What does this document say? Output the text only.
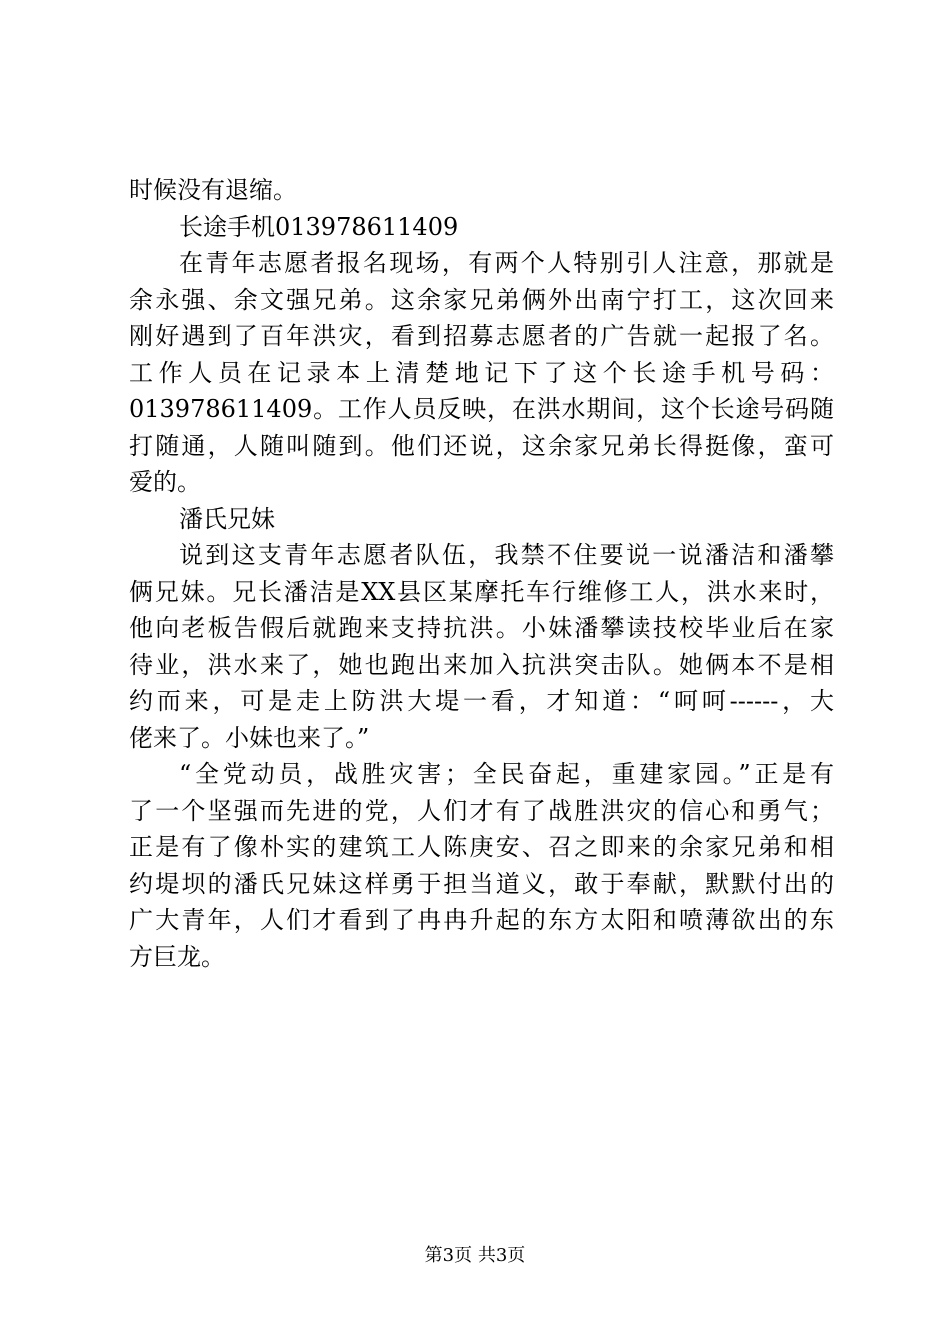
时候没有退缩。
长途手机013978611409
在青年志愿者报名现场，有两个人特别引人注意，那就是
余永强、余文强兄弟。这余家兄弟俩外出南宁打工，这次回来
刚好遇到了百年洪灾，看到招募志愿者的广告就一起报了名。
工作人员在记录本上清楚地记下了这个长途手机号码：
013978611409。工作人员反映，在洪水期间，这个长途号码随
打随通，人随叫随到。他们还说，这余家兄弟长得挺像，蛮可
爱的。
潘氏兄妹
说到这支青年志愿者队伍，我禁不住要说一说潘洁和潘攀
俩兄妹。兄长潘洁是XX县区某摩托车行维修工人，洪水来时，
他向老板告假后就跑来支持抗洪。小妹潘攀读技校毕业后在家
待业，洪水来了，她也跑出来加入抗洪突击队。她俩本不是相
约而来，可是走上防洪大堤一看，才知道：“呵呵------，大
佬来了。小妹也来了。”
“全党动员，战胜灾害；全民奋起，重建家园。”正是有
了一个坚强而先进的党，人们才有了战胜洪灾的信心和勇气；
正是有了像朴实的建筑工人陈庚安、召之即来的余家兄弟和相
约堤坝的潘氏兄妹这样勇于担当道义，敢于奉献，默默付出的
广大青年，人们才看到了冉冉升起的东方太阳和喷薄欲出的东
方巨龙。
第3页 共3页
